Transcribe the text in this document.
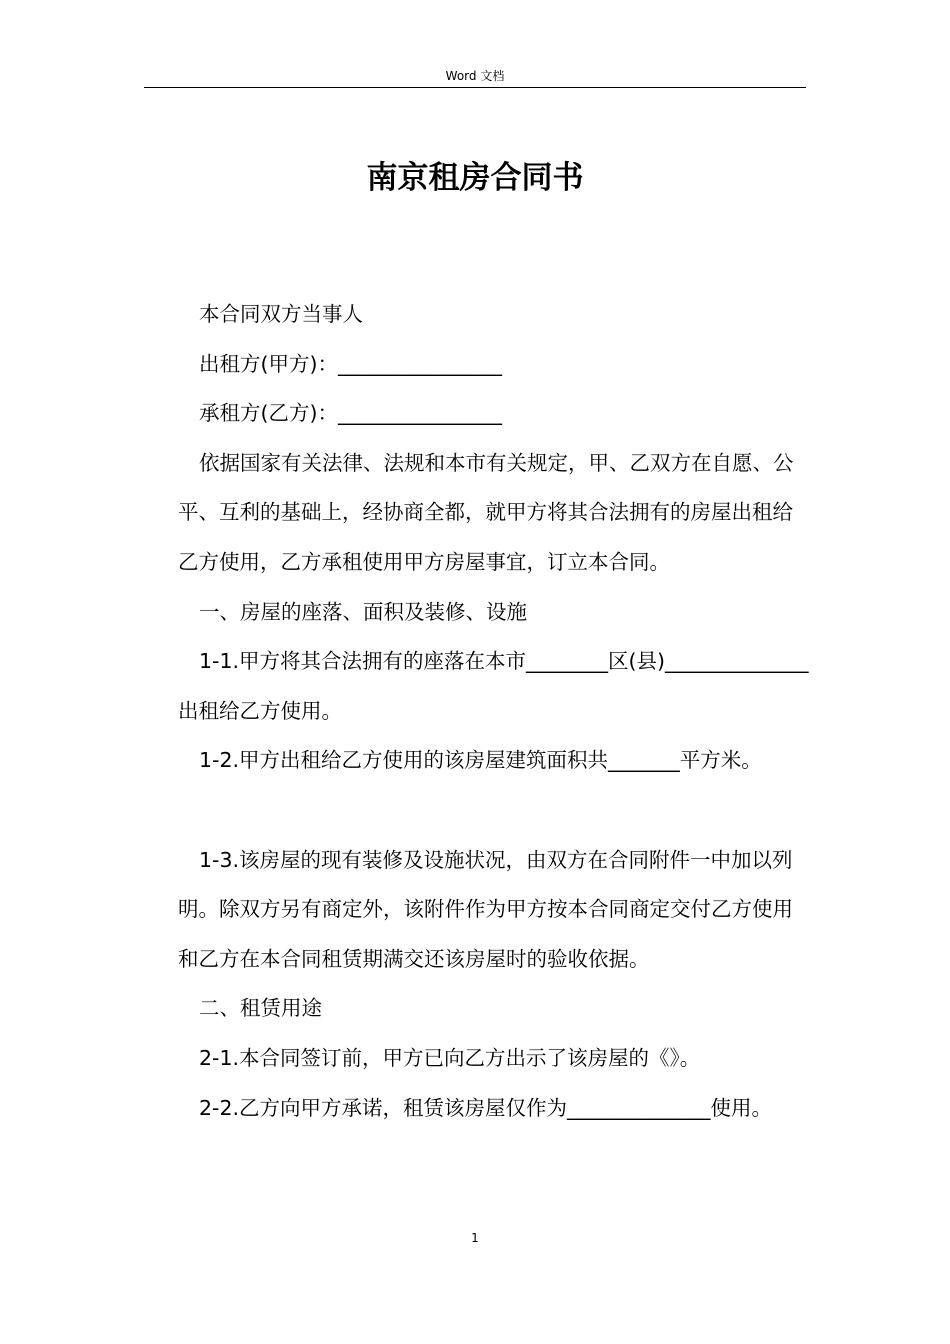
Word 文档
南京租房合同书

本合同双方当事人

出租方(甲方)：________________

承租方(乙方)：________________

依据国家有关法律、法规和本市有关规定，甲、乙双方在自愿、公平、互利的基础上，经协商全都，就甲方将其合法拥有的房屋出租给乙方使用，乙方承租使用甲方房屋事宜，订立本合同。

一、房屋的座落、面积及装修、设施

1-1.甲方将其合法拥有的座落在本市________区(县)______________出租给乙方使用。

1-2.甲方出租给乙方使用的该房屋建筑面积共_______平方米。

1-3.该房屋的现有装修及设施状况，由双方在合同附件一中加以列明。除双方另有商定外，该附件作为甲方按本合同商定交付乙方使用和乙方在本合同租赁期满交还该房屋时的验收依据。

二、租赁用途

2-1.本合同签订前，甲方已向乙方出示了该房屋的《》。

2-2.乙方向甲方承诺，租赁该房屋仅作为______________使用。

1
